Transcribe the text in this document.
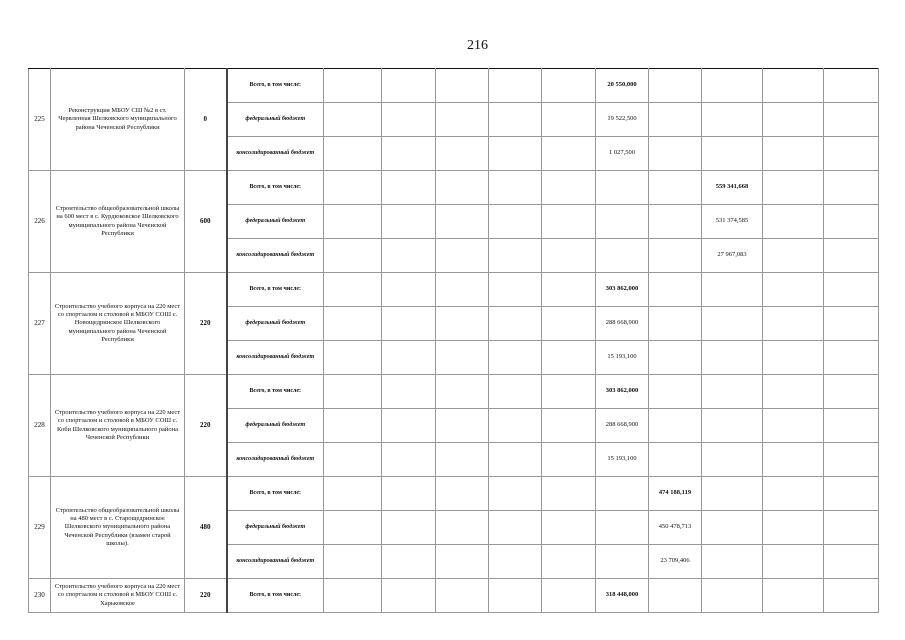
216
225	Реконструкция МБОУ СШ №2 в ст. Червленная Шелковского муниципального района Чеченской Республики	0	Всего, в том числе:						20 550,000				
			федеральный бюджет						19 522,500				
			консолидированный бюджет						1 027,500				
226	Строительство общеобразовательной школы на 600 мест в с. Курдюковское Шелковского муниципального района Чеченской Республики	600	Всего, в том числе:								559 341,668		
			федеральный бюджет								531 374,585		
			консолидированный бюджет								27 967,083		
227	Строительство учебного корпуса на 220 мест со спортзалом и столовой в МБОУ СОШ с. Новощедринское Шелковского муниципального района Чеченской Республики	220	Всего, в том числе:						303 862,000				
			федеральный бюджет						288 668,900				
			консолидированный бюджет						15 193,100				
228	Строительство учебного корпуса на 220 мест со спортзалом и столовой в МБОУ СОШ с. Коби Шелковского муниципального района Чеченской Республики	220	Всего, в том числе:						303 862,000				
			федеральный бюджет						288 668,900				
			консолидированный бюджет						15 193,100				
229	Строительство общеобразовательной школы на 480 мест в с. Старощедринское Шелковского муниципального района Чеченской Республики (взамен старой школы).	480	Всего, в том числе:							474 188,119			
			федеральный бюджет							450 478,713			
			консолидированный бюджет							23 709,406			
230	Строительство учебного корпуса на 220 мест со спортзалом и столовой в МБОУ СОШ с. Харьковское	220	Всего, в том числе:						318 448,000				
